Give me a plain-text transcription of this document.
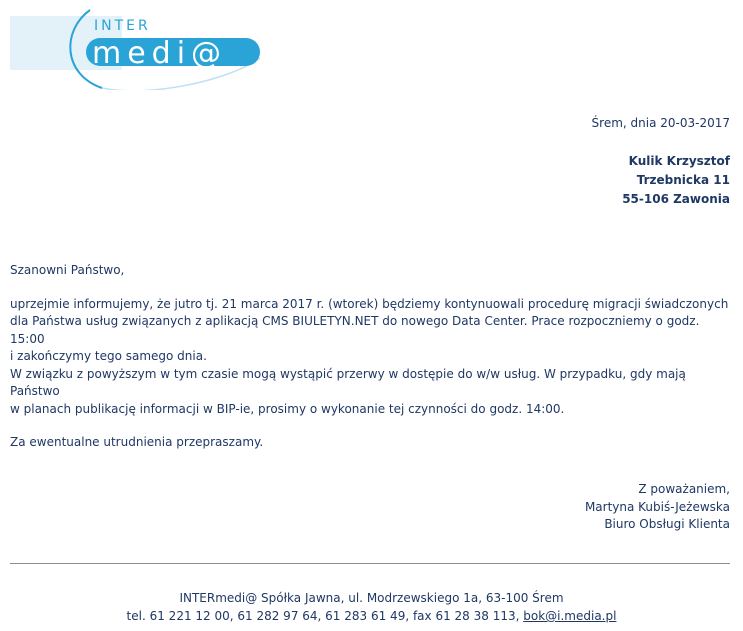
INTER
medi@
Śrem, dnia 20-03-2017
Kulik Krzysztof
Trzebnicka 11
55-106 Zawonia

Szanowni Państwo,

uprzejmie informujemy, że jutro tj. 21 marca 2017 r. (wtorek) będziemy kontynuowali procedurę migracji świadczonych

dla Państwa usług związanych z aplikacją CMS BIULETYN.NET do nowego Data Center. Prace rozpoczniemy o godz. 15:00

i zakończymy tego samego dnia.

W związku z powyższym w tym czasie mogą wystąpić przerwy w dostępie do w/w usług. W przypadku, gdy mają Państwo

w planach publikację informacji w BIP-ie, prosimy o wykonanie tej czynności do godz. 14:00.

Za ewentualne utrudnienia przepraszamy.

Z poważaniem,
Martyna Kubiś-Jeżewska
Biuro Obsługi Klienta
INTERmedi@ Spółka Jawna, ul. Modrzewskiego 1a, 63-100 Śrem
tel. 61 221 12 00, 61 282 97 64, 61 283 61 49, fax 61 28 38 113, bok@i.media.pl
